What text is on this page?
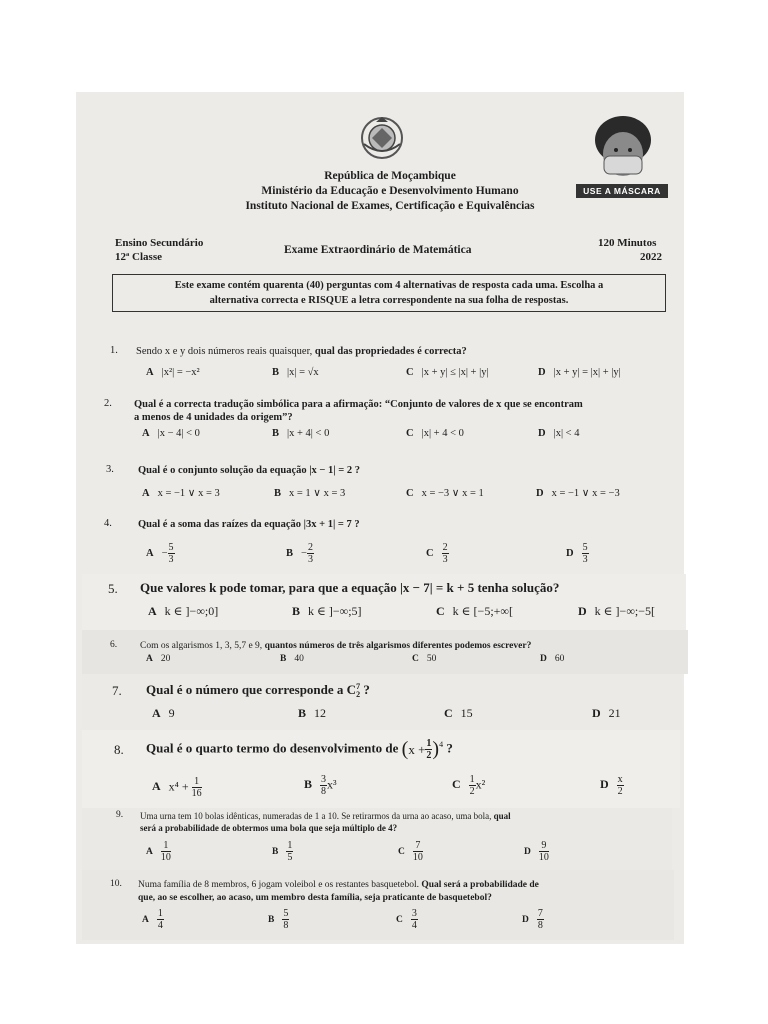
USE A MÁSCARA
República de Moçambique
Ministério da Educação e Desenvolvimento Humano
Instituto Nacional de Exames, Certificação e Equivalências
Ensino Secundário
12ª Classe
Exame Extraordinário de Matemática
120 Minutos
2022
Este exame contém quarenta (40) perguntas com 4 alternativas de resposta cada uma. Escolha a
alternativa correcta e RISQUE a letra correspondente na sua folha de respostas.
1. Sendo x e y dois números reais quaisquer, qual das propriedades é correcta?
A |x²| = −x²	B |x| = √x	C |x + y| ≤ |x| + |y|	D |x + y| = |x| + |y|
2. Qual é a correcta tradução simbólica para a afirmação: “Conjunto de valores de x que se encontram
a menos de 4 unidades da origem”?
A |x − 4| < 0	B |x + 4| < 0	C |x| + 4 < 0	D |x| < 4
3. Qual é o conjunto solução da equação |x − 1| = 2 ?
A x = −1 ∨ x = 3	B x = 1 ∨ x = 3	C x = −3 ∨ x = 1	D x = −1 ∨ x = −3
4. Qual é a soma das raízes da equação |3x + 1| = 7 ?
$A - \frac{5}{3}$	$B - \frac{2}{3}$	C $\frac{2}{3}$	D $\frac{5}{3}$
5. Que valores k pode tomar, para que a equação |x − 7| = k + 5 tenha solução?
A k ∈ ]−∞;0]	B k ∈ ]−∞;5]	C k ∈ [−5;+∞[	D k ∈ ]−∞;−5[
6. Com os algarismos 1, 3, 5,7 e 9, quantos números de três algarismos diferentes podemos escrever?
A 20	B 40	C 50	D 60
7. Qual é o número que corresponde a C 7
2 ?
A 9	B 12	C 15	D 21
8. Qual é o quarto termo do desenvolvimento de $(x + \frac{1}{2} )^4$ ?
A $x^4 + \frac{1}{16}$	B $\frac{3}{8} x^3$	C $\frac{1}{2} x^2$	D $\frac{x}{2}$
9. Uma urna tem 10 bolas idênticas, numeradas de 1 a 10. Se retirarmos da urna ao acaso, uma bola, qual
será a probabilidade de obtermos uma bola que seja múltiplo de 4?
A $\frac{1}{10}$	B $\frac{1}{5}$	C $\frac{7}{10}$	D $\frac{9}{10}$
10. Numa família de 8 membros, 6 jogam voleibol e os restantes basquetebol. Qual será a probabilidade de
que, ao se escolher, ao acaso, um membro desta família, seja praticante de basquetebol?
A $\frac{1}{4}$	B $\frac{5}{8}$	C $\frac{3}{4}$	D $\frac{7}{8}$
